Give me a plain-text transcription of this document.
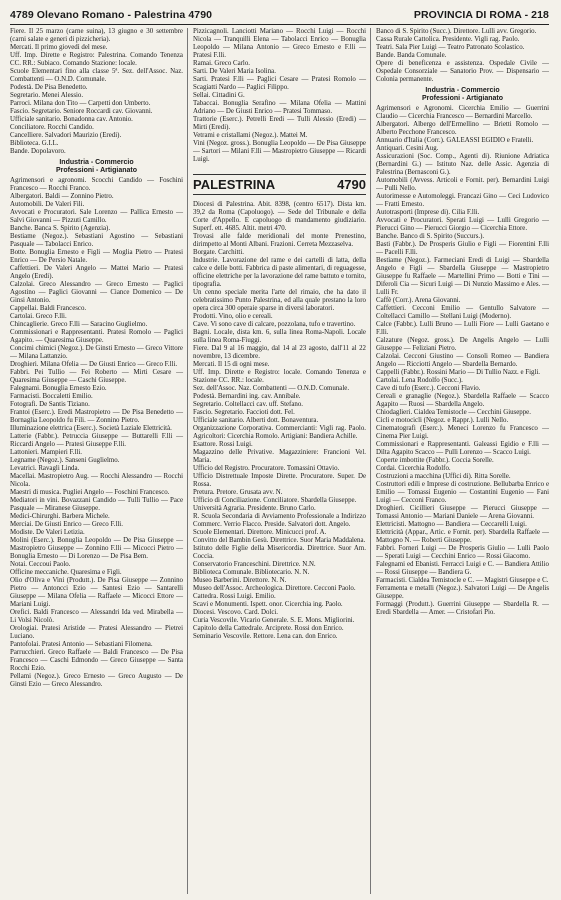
4789 Olevano Romano - Palestrina 4790	PROVINCIA DI ROMA - 218

Fiere. Il 25 marzo (carne suina), 13 giugno e 30 settembre (carni salate e generi di pizzicheria).

Mercati. Il primo giovedì del mese.

Uff. Imp. Dirette e Registro: Palestrina. Comando Tenenza CC. RR.: Subiaco. Comando Stazione: locale.

Scuole Elementari fino alla classe 5ª. Sez. dell'Assoc. Naz. Combattenti — O.N.D. Comunale.

Podestà. De Pisa Benedetto.

Segretario. Menei Alessio.

Parroci. Milana don Tito — Carpetti don Umberto.

Fascio. Segretario. Seniore Roccardi cav. Giovanni.

Ufficiale sanitario. Bonadonna cav. Antonio.

Conciliatore. Rocchi Candido.

Cancelliere. Salvadori Maurizio (Eredi).

Biblioteca. G.I.L.

Bande. Dopolavoro.

Industria - Commercio
Professioni - Artigianato

Agrimensori e agronomi. Scocchi Candido — Foschini Francesco — Rocchi Franco.

Albergatori. Baldi — Zonnino Pietro.

Automobili. De Valeri Fili.

Avvocati e Procuratori. Sale Lorenzo — Pallica Ernesto — Salvi Giovanni — Pizzuti Camillo.

Banche. Banca S. Spirito (Agenzia).

Bestiame (Negoz.). Sebastiani Agostino — Sebastiani Pasquale — Tabolacci Enrico.

Botte. Bonuglia Ernesto e Figli — Moglia Pietro — Pratesi Enrico — De Persio Natale.

Caffettieri. De Valeri Angelo — Mattei Mario — Pratesi Angelo (Eredi).

Calzolai. Greco Alessandro — Greco Ernesto — Paglici Agostino — Paglici Giovanni — Ciance Domenico — De Ginsi Antonio.

Cappellai. Baldi Francesco.

Cartolai. Greco F.lli.

Chincaglierie. Greco F.lli — Saracino Guglielmo.

Commissionari e Rappresentanti. Pratesi Romolo — Paglici Agapito. — Quaresima Giuseppe.

Concimi chimici (Negoz.). De Ginsti Ernesto — Greco Vittore — Milana Lattanzio.

Droghieri. Milana Ofelia — De Giusti Enrico — Greco F.lli.

Fabbri. Pei Tullio — Fei Roberto — Mirti Cesare — Quaresima Giuseppe — Caschi Giuseppe.

Falegnami. Bonuglia Ernesto Ezio.

Farmacisti. Boccaletti Emilio.

Fotografi. De Santis Tiziano.

Frantoi (Eserc.). Eredi Mastropietro — De Pisa Benedetto — Bornaglia Leopoldo fu Fili. — Zonnino Pietro.

Illuminazione elettrica (Eserc.). Società Laziale Elettricità.

Latterie (Fabbr.). Petruccia Giuseppe — Buttarelli F.lli — Riccardi Angelo — Pratesi Giuseppe F.lli.

Lattonieri. Mampieri F.lli.

Legname (Negoz.). Sanseni Guglielmo.

Levatrici. Ravagli Linda.

Macellai. Mastropietro Aug. — Rocchi Alessandro — Rocchi Nicola.

Maestri di musica. Pugliei Angelo — Foschini Francesco.

Mediatori in vini. Bovazzani Candido — Tulli Tullio — Pace Pasquale — Miranese Giuseppe.

Medici-Chirurghi. Barbera Michele.

Merciai. De Giusti Enrico — Greco F.lli.

Modiste. De Valeri Letizia.

Molini (Eserc.). Bonuglia Leopoldo — De Pisa Giuseppe — Mastropietro Giuseppe — Zonnino F.lli — Micocci Pietro — Bonuglia Ernesto — Di Lorenzo — De Pisa Bem.

Notai. Ceccoui Paolo.

Officine meccaniche. Quaresima e Figli.

Olio d'Oliva e Vini (Produtt.). De Pisa Giuseppe — Zonnino Pietro — Antoncci Ezio — Santesi Ezio — Santarelli Giuseppe — Milana Ofelia — Raffaele — Micocci Ettore — Mariani Luigi.

Orefici. Baldi Francesco — Alessandri Ida ved. Mirabella — Li Volsi Nicolò.

Orologiai. Pratesi Aristide — Pratesi Alessandro — Pietrei Luciano.

Pantofolai. Pratesi Antonio — Sebastiani Filomena.

Parrucchieri. Greco Raffaele — Baldi Francesco — De Pisa Francesco — Caschi Edmondo — Greco Giuseppe — Santa Rocchi Ezio.

Pellami (Negoz.). Greco Ernesto — Greco Augusto — De Ginsti Ezio — Greco Alessandro.

Pizzicagnoli. Lanciotti Mariano — Rocchi Luigi — Rocchi Nicola — Tranquilli Elena — Tabolacci Enrico — Bonuglia Leopoldo — Milana Antonio — Greco Ernesto e F.lli — Pratesi F.lli.

Ramai. Greco Carlo.

Sarti. De Valeri Maria Isolina.

Sarti. Pratesi F.lli — Paglici Cesare — Pratesi Romolo — Scagiatti Nardo — Paglici Filippo.

Sellai. Cittadini G.

Tabaccai. Bonuglia Serafino — Milana Ofelia — Mattini Adriano — De Giusti Enrico — Pratesi Tommaso.

Trattorie (Eserc.). Petrelli Eredi — Tulli Alessio (Eredi) — Mirti (Eredi).

Vetrami e cristallami (Negoz.). Mattei M.

Vini (Negoz. gross.). Bonuglia Leopoldo — De Pisa Giuseppe — Sartori — Milani F.lli — Mastropietro Giuseppe — Ricardi Luigi.

PALESTRINA	4790

Diocesi di Palestrina. Abit. 8398, (centro 6517). Dista km. 39,2 da Roma (Capoluogo). — Sede del Tribunale e della Corte d'Appello. E capoluogo di mandamento giudiziario. Superf. ett. 4685. Altit. metri 470.

Trovasi alle falde meridionali del monte Prenestino, dirimpetto al Monti Albani. Frazioni. Cerreta Mezzaselva.

Borgate. Carchitti.

Industrie. Lavorazione del rame e dei cartelli di latta, della calce e delle botti. Fabbrica di paste alimentari, di reguagesse, officine elettriche per la lavorazione del rame battuto e tornito, tipografia.

Un cenno speciale merita l'arte del rimaio, che ha dato il celebratissimo Punto Palestrina, ed alla quale prestano la loro opera circa 300 operaie sparse in diversi laboratori.

Prodotti. Vino, olio e cereali.

Cave. Vi sono cave di calcare, pozzolana, tufo e travertino.

Bagni. Locale, dista km. 6, sulla linea Roma-Napoli. Locale sulla linea Roma-Fiuggi.

Fiere. Dal 9 al 16 maggio, dal 14 al 23 agosto, dall'11 al 22 novembre, 13 dicembre.

Mercati. Il 15 di ogni mese.

Uff. Imp. Dirette e Registro: locale. Comando Tenenza e Stazione CC. RR.: locale.

Sez. dell'Assoc. Naz. Combattenti — O.N.D. Comunale.

Podestà. Bernardini ing. cav. Annibale.

Segretario. Coltellacci cav. uff. Stefano.

Fascio. Segretario. Faccioti dott. Fel.

Ufficiale sanitario. Alberti dott. Bonaventura.

Organizzazione Corporativa. Commercianti: Vigli rag. Paolo. Agricoltori: Cicerchia Romolo. Artigiani: Bandiera Achille.

Esattore. Rossi Luigi.

Magazzino delle Privative. Magazziniere: Francioni Vel. Maria.

Ufficio del Registro. Procuratore. Tomassini Ottavio.

Ufficio Distrettuale Imposte Dirette. Procuratore. Super. De Rossa.

Pretura. Pretore. Grusata avv. N.

Ufficio di Conciliazione. Conciliatore. Sbardella Giuseppe.

Università Agraria. Presidente. Bruno Carlo.

R. Scuola Secondaria di Avviamento Professionale a Indirizzo Commerc. Verrio Flacco. Preside. Salvatori dott. Angelo.

Scuole Elementari. Direttore. Minicucci prof. A.

Convitto del Bambin Gesù. Direttrice. Suor Maria Maddalena.

Istituto delle Figlie della Misericordia. Direttrice. Suor Am. Coccia.

Conservatorio Franceschini. Direttrice. N.N.

Biblioteca Comunale. Bibliotecario. N. N.

Museo Barberini. Direttore. N. N.

Museo dell'Assoc. Archeologica. Direttore. Cecconi Paolo.

Cattedra. Rossi Luigi. Emilio.

Scavi e Monumenti. Ispett. onor. Cicerchia ing. Paolo.

Diocesi. Vescovo. Card. Dolci.

Curia Vescovile. Vicario Generale. S. E. Mons. Migliorini.

Capitolo della Cattedrale. Arciprete. Rossi don Enrico.

Seminario Vescovile. Rettore. Lena can. don Enrico.

Banco di S. Spirito (Succ.). Direttore. Lulli avv. Gregorio.

Cassa Rurale Cattolica. Presidente. Vigli rag. Paolo.

Teatri. Sala Pier Luigi — Teatro Patronato Scolastico.

Bande. Banda Comunale.

Opere di beneficenza e assistenza. Ospedale Civile — Ospedale Consorziale — Sanatorio Prov. — Dispensario — Colonia permanente.

Industria - Commercio
Professioni - Artigianato

Agrimensori e Agronomi. Cicerchia Emilio — Guerrini Claudio — Cicerchia Francesco — Bernardini Marcello.

Albergatori. Albergo dell'Ermellino — Brietti Romolo — Alberto Pecchone Francesco.

Annuario d'Italia (Corr.). GALEASSI EGIDIO e Fratelli.

Antiquari. Cesini Aug.

Assicurazioni (Soc. Comp., Agenti di). Riunione Adriatica (Bernardini G.) — Istituto Naz. delle Assic. Agenzia di Palestrina (Bernasconi G.).

Automobili (Avvess. Articoli e Fornit. per). Bernardini Luigi — Pulli Nello.

Autorimesse e Automoleggi. Francazi Gino — Ceci Ludovico — Fratti Ernesto.

Autotrasporti (Imprese di). Cilia F.lli.

Avvocati e Procuratori. Sperati Luigi — Lulli Gregorio — Pierucci Gino — Pierucci Giorgio — Cicerchia Ettore.

Banche. Banco di S. Spirito (Succurs.).

Basti (Fabbr.). De Prosperis Giulio e Figli — Fiorentini F.lli — Pacelli F.lli.

Bestiame (Negoz.). Farmeciani Eredi di Luigi — Sbardella Angelo e Figli — Sbardella Giuseppe — Mastropietro Giuseppe fu Raffaele — Martellini Primo — Botti e Tini — Diferoli Cia — Sicuri Luigi — Di Nunzio Massimo e Ales. — Lulli Fr.

Caffè (Corr.). Arena Giovanni.

Caffettieri. Cecconi Emilio — Gentullo Salvatore — Coltellacci Camillo — Stellani Luigi (Moderno).

Calce (Fabbr.). Lulli Bruno — Lulli Fiore — Lulli Gaetano e F.lli.

Calzature (Negoz. gross.). De Angelis Angelo — Lulli Giuseppe — Feliziani Pietro.

Calzolai. Cecconi Giustino — Consoli Romeo — Bandiera Angelo — Ricciotti Angelo — Sbardella Bernardo.

Cappelli (Fabbr.). Rossini Mario — Di Tullio Nazz. e Figli.

Cartolai. Lena Rodolfo (Succ.).

Cave di tufo (Eserc.). Cecconi Flavio.

Cereali e granaglie (Negoz.). Sbardella Raffaele — Scacco Agapito — Ruosi — Sbardella Angelo.

Chiodaglieri. Cialdea Temistocle — Cecchini Giuseppe.

Cicli e motocicli (Negoz. e Rappr.). Lulli Nello.

Cinematografi (Eserc.). Meneci Lorenzo fu Francesco — Cinema Pier Luigi.

Commissionari e Rappresentanti. Galeassi Egidio e F.lli — Dilta Agapito Scacco — Pulli Lorenzo — Scacco Luigi.

Coperte imbottite (Fabbr.). Coccia Sorelle.

Cordai. Cicerchia Rodolfo.

Costruzioni a macchina (Uffici di). Ritta Sorelle.

Costruttori edili e Imprese di costruzione. Bellubarba Enrico e Emilio — Tomassi Eugenio — Costantini Eugenio — Fani Luigi — Cecconi Franco.

Droghieri. Cicillieri Giuseppe — Pierucci Giuseppe — Tomassi Antonio — Mariani Daniele — Arena Giovanni.

Elettricisti. Mattogno — Bandiera — Ceccarelli Luigi.

Elettricità (Appar., Artic. e Fornit. per). Sbardella Raffaele — Mattogno N. — Roberti Giuseppe.

Fabbri. Forneri Luigi — De Prosperis Giulio — Lulli Paolo — Sperati Luigi — Cecchini Enrico — Rossi Giacomo.

Falegnami ed Ebanisti. Ferracci Luigi e C. — Bandiera Attilio — Rossi Giuseppe — Bandiera G.

Farmacisti. Cialdea Temistocle e C. — Magistri Giuseppe e C.

Ferramenta e metalli (Negoz.). Salvatori Luigi — De Angelis Giuseppe.

Formaggi (Produtt.). Guerrini Giuseppe — Sbardella R. — Eredi Sbardella — Amer. — Cristofari Pio.
